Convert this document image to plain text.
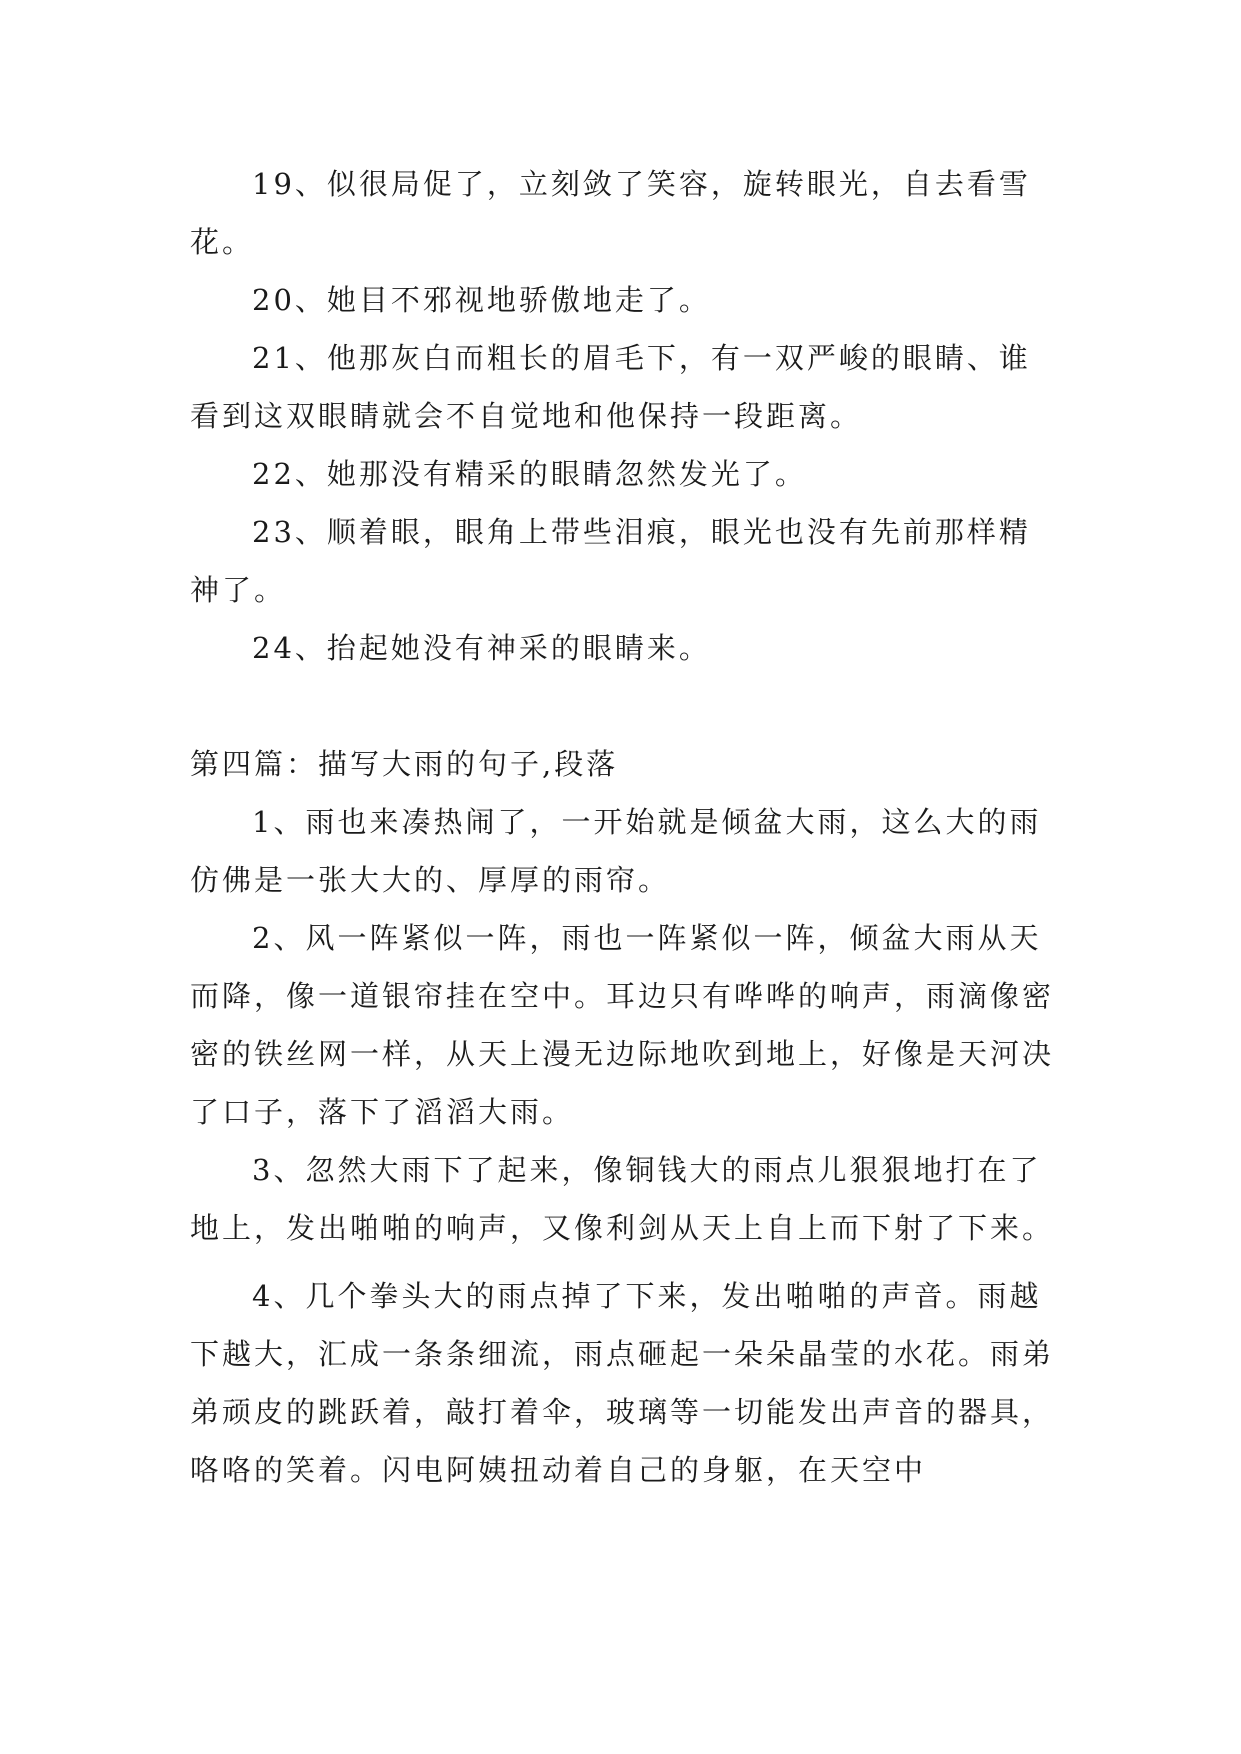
19、似很局促了，立刻敛了笑容，旋转眼光，自去看雪花。

20、她目不邪视地骄傲地走了。

21、他那灰白而粗长的眉毛下，有一双严峻的眼睛、谁看到这双眼睛就会不自觉地和他保持一段距离。

22、她那没有精采的眼睛忽然发光了。

23、顺着眼，眼角上带些泪痕，眼光也没有先前那样精神了。

24、抬起她没有神采的眼睛来。

第四篇：描写大雨的句子,段落

1、雨也来凑热闹了，一开始就是倾盆大雨，这么大的雨仿佛是一张大大的、厚厚的雨帘。

2、风一阵紧似一阵，雨也一阵紧似一阵，倾盆大雨从天而降，像一道银帘挂在空中。耳边只有哗哗的响声，雨滴像密密的铁丝网一样，从天上漫无边际地吹到地上，好像是天河决了口子，落下了滔滔大雨。

3、忽然大雨下了起来，像铜钱大的雨点儿狠狠地打在了地上，发出啪啪的响声，又像利剑从天上自上而下射了下来。

4、几个拳头大的雨点掉了下来，发出啪啪的声音。雨越下越大，汇成一条条细流，雨点砸起一朵朵晶莹的水花。雨弟弟顽皮的跳跃着，敲打着伞，玻璃等一切能发出声音的器具，咯咯的笑着。闪电阿姨扭动着自己的身躯，在天空中
